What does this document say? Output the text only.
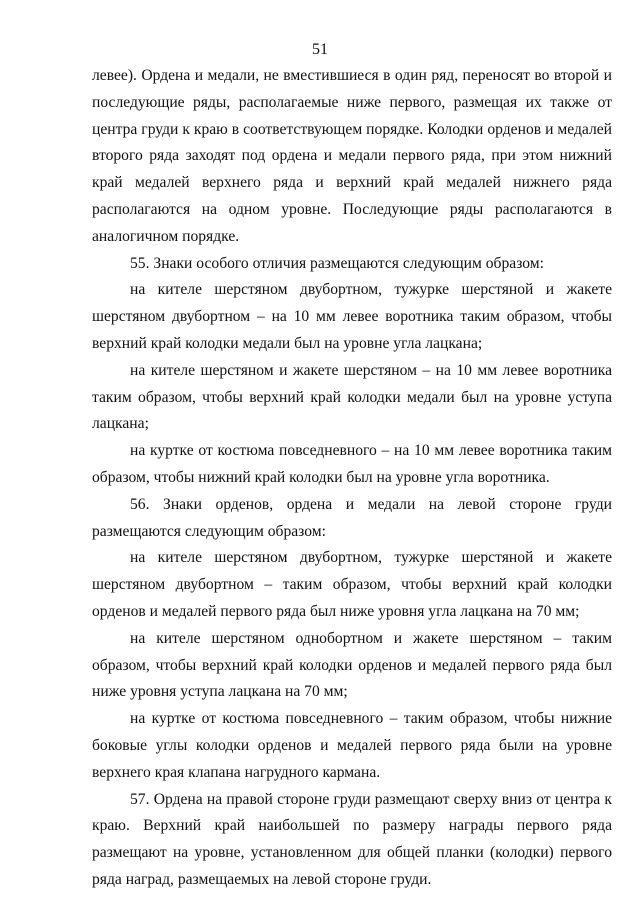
51

левее). Ордена и медали, не вместившиеся в один ряд, переносят во второй и последующие ряды, располагаемые ниже первого, размещая их также от центра груди к краю в соответствующем порядке. Колодки орденов и медалей второго ряда заходят под ордена и медали первого ряда, при этом нижний край медалей верхнего ряда и верхний край медалей нижнего ряда располагаются на одном уровне. Последующие ряды располагаются в аналогичном порядке.

55. Знаки особого отличия размещаются следующим образом:

на кителе шерстяном двубортном, тужурке шерстяной и жакете шерстяном двубортном – на 10 мм левее воротника таким образом, чтобы верхний край колодки медали был на уровне угла лацкана;

на кителе шерстяном и жакете шерстяном – на 10 мм левее воротника таким образом, чтобы верхний край колодки медали был на уровне уступа лацкана;

на куртке от костюма повседневного – на 10 мм левее воротника таким образом, чтобы нижний край колодки был на уровне угла воротника.

56. Знаки орденов, ордена и медали на левой стороне груди размещаются следующим образом:

на кителе шерстяном двубортном, тужурке шерстяной и жакете шерстяном двубортном – таким образом, чтобы верхний край колодки орденов и медалей первого ряда был ниже уровня угла лацкана на 70 мм;

на кителе шерстяном однобортном и жакете шерстяном – таким образом, чтобы верхний край колодки орденов и медалей первого ряда был ниже уровня уступа лацкана на 70 мм;

на куртке от костюма повседневного – таким образом, чтобы нижние боковые углы колодки орденов и медалей первого ряда были на уровне верхнего края клапана нагрудного кармана.

57. Ордена на правой стороне груди размещают сверху вниз от центра к краю. Верхний край наибольшей по размеру награды первого ряда размещают на уровне, установленном для общей планки (колодки) первого ряда наград, размещаемых на левой стороне груди.
